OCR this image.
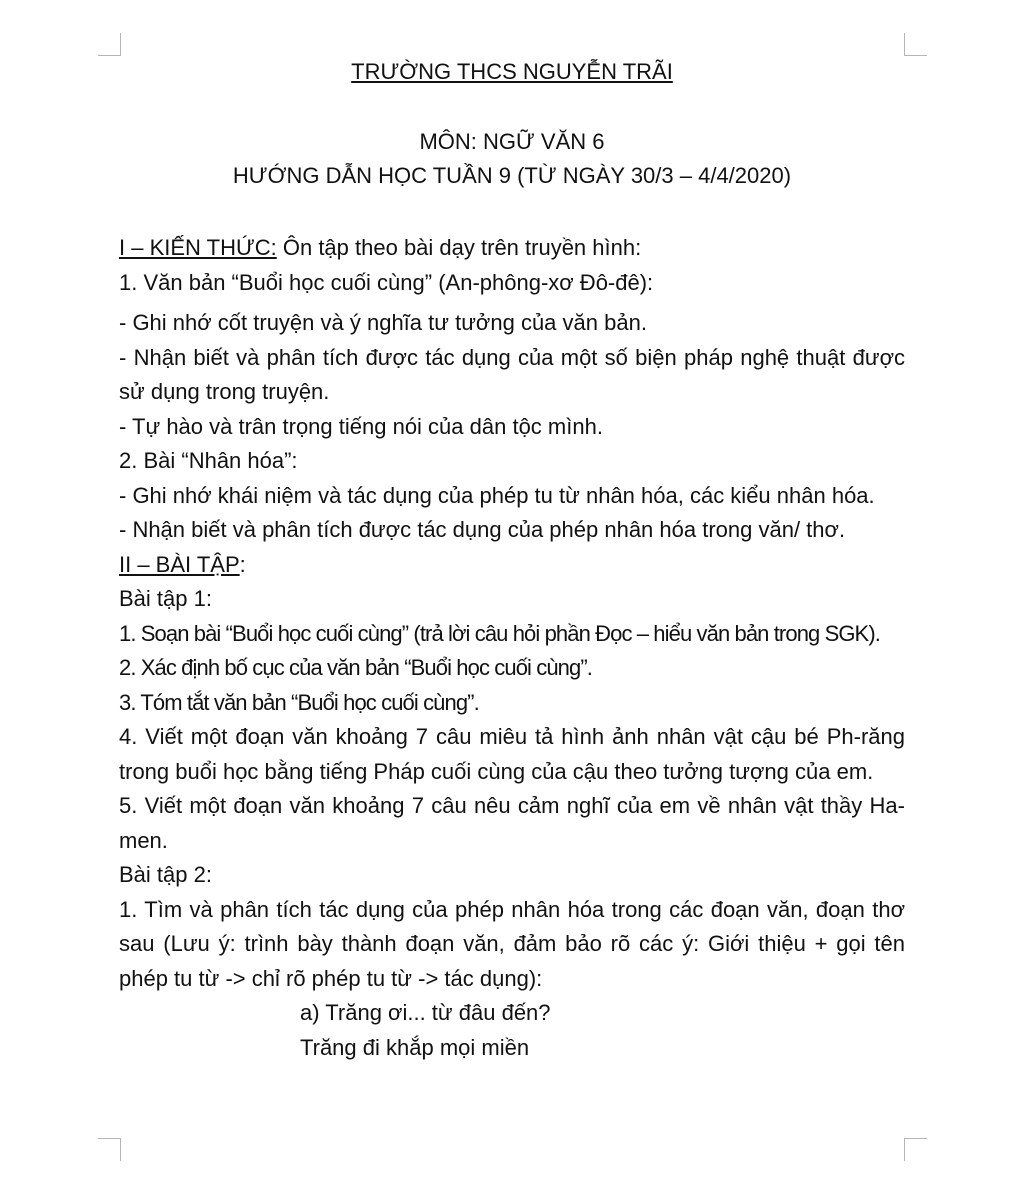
TRƯỜNG THCS NGUYỄN TRÃI
MÔN: NGỮ VĂN 6
HƯỚNG DẪN HỌC TUẦN 9 (TỪ NGÀY 30/3 – 4/4/2020)

I – KIẾN THỨC: Ôn tập theo bài dạy trên truyền hình:

1. Văn bản “Buổi học cuối cùng” (An-phông-xơ Đô-đê):

- Ghi nhớ cốt truyện và ý nghĩa tư tưởng của văn bản.

- Nhận biết và phân tích được tác dụng của một số biện pháp nghệ thuật được sử dụng trong truyện.

- Tự hào và trân trọng tiếng nói của dân tộc mình.

2. Bài “Nhân hóa”:

- Ghi nhớ khái niệm và tác dụng của phép tu từ nhân hóa, các kiểu nhân hóa.

- Nhận biết và phân tích được tác dụng của phép nhân hóa trong văn/ thơ.

II – BÀI TẬP:

Bài tập 1:

1. Soạn bài “Buổi học cuối cùng” (trả lời câu hỏi phần Đọc – hiểu văn bản trong SGK).

2. Xác định bố cục của văn bản “Buổi học cuối cùng”.

3. Tóm tắt văn bản “Buổi học cuối cùng”.

4. Viết một đoạn văn khoảng 7 câu miêu tả hình ảnh nhân vật cậu bé Ph-răng trong buổi học bằng tiếng Pháp cuối cùng của cậu theo tưởng tượng của em.

5. Viết một đoạn văn khoảng 7 câu nêu cảm nghĩ của em về nhân vật thầy Ha-men.

Bài tập 2:

1. Tìm và phân tích tác dụng của phép nhân hóa trong các đoạn văn, đoạn thơ sau (Lưu ý: trình bày thành đoạn văn, đảm bảo rõ các ý: Giới thiệu + gọi tên phép tu từ -> chỉ rõ phép tu từ -> tác dụng):

a) Trăng ơi... từ đâu đến?

Trăng đi khắp mọi miền
